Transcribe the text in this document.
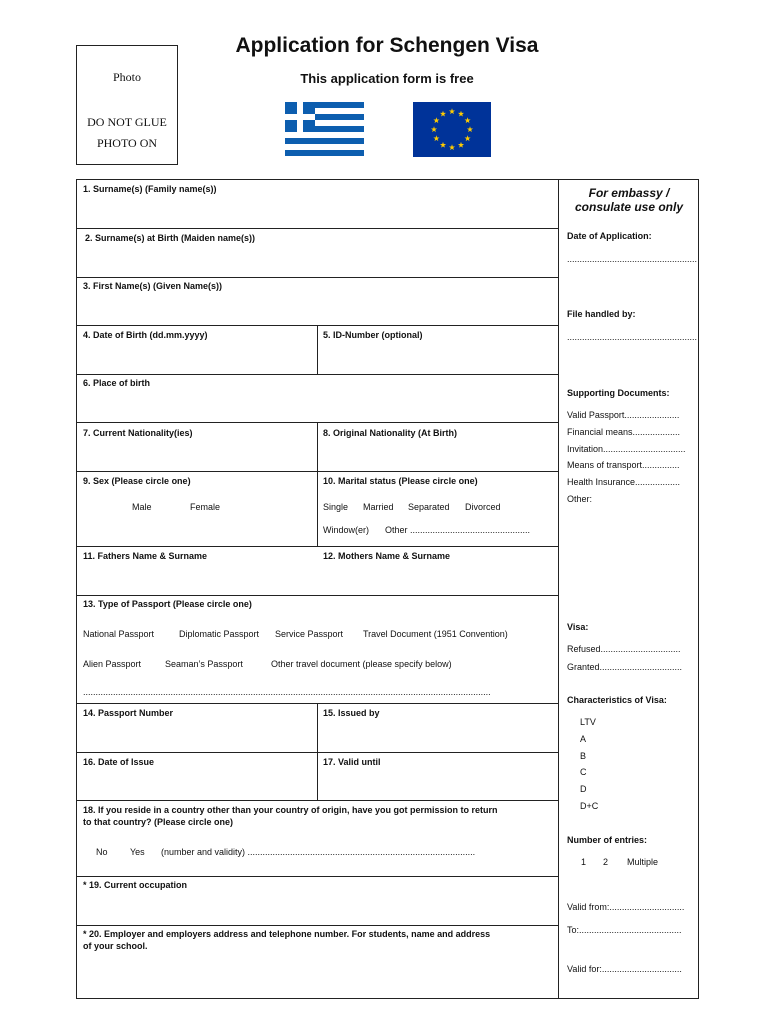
Photo
DO NOT GLUE
PHOTO ON
Application for Schengen Visa
This application form is free
1. Surname(s) (Family name(s))
2. Surname(s) at Birth (Maiden name(s))
3. First Name(s) (Given Name(s))
4. Date of Birth (dd.mm.yyyy)	5. ID-Number (optional)
6. Place of birth
7. Current Nationality(ies)	8. Original Nationality (At Birth)
9. Sex (Please circle one)
Male	Female
10. Marital status (Please circle one)
Single Married Separated Divorced
Window(er) Other ................................................
11. Fathers Name & Surname	12. Mothers Name & Surname
13. Type of Passport (Please circle one)
National Passport	Diplomatic Passport Service Passport Travel Document (1951 Convention)
Alien Passport	Seaman’s Passport	Other travel document (please specify below)
...................................................................................................................................................................
14. Passport Number	15. Issued by
16. Date of Issue	17. Valid until
18. If you reside in a country other than your country of origin, have you got permission to return
to that country? (Please circle one)
No Yes (number and validity) ...........................................................................................
* 19. Current occupation
* 20. Employer and employers address and telephone number. For students, name and address
of your school.
For embassy /
consulate use only
Date of Application:
....................................................
File handled by:
....................................................
Supporting Documents:
Valid Passport......................
Financial means...................
Invitation.................................
Means of transport...............
Health Insurance..................
Other:
Visa:
Refused................................
Granted.................................
Characteristics of Visa:
LTV
A
B
C
D
D+C
Number of entries:
1 2 Multiple
Valid from:..............................
To:.........................................
Valid for:................................
